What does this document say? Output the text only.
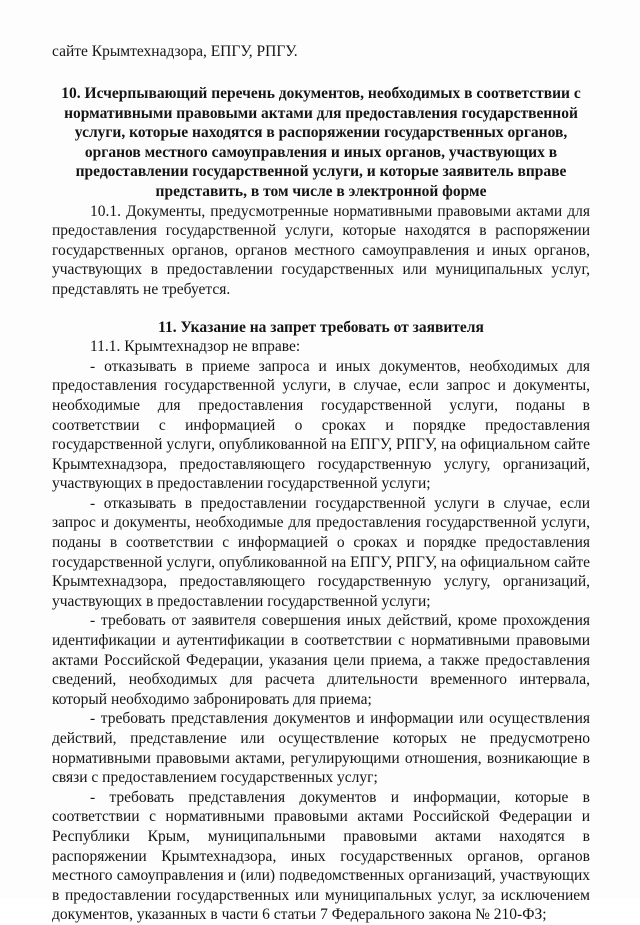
сайте Крымтехнадзора, ЕПГУ, РПГУ.
10. Исчерпывающий перечень документов, необходимых в соответствии с нормативными правовыми актами для предоставления государственной услуги, которые находятся в распоряжении государственных органов, органов местного самоуправления и иных органов, участвующих в предоставлении государственной услуги, и которые заявитель вправе представить, в том числе в электронной форме

10.1. Документы, предусмотренные нормативными правовыми актами для предоставления государственной услуги, которые находятся в распоряжении государственных органов, органов местного самоуправления и иных органов, участвующих в предоставлении государственных или муниципальных услуг, представлять не требуется.

11. Указание на запрет требовать от заявителя

11.1. Крымтехнадзор не вправе:

- отказывать в приеме запроса и иных документов, необходимых для предоставления государственной услуги, в случае, если запрос и документы, необходимые для предоставления государственной услуги, поданы в соответствии с информацией о сроках и порядке предоставления государственной услуги, опубликованной на ЕПГУ, РПГУ, на официальном сайте Крымтехнадзора, предоставляющего государственную услугу, организаций, участвующих в предоставлении государственной услуги;

- отказывать в предоставлении государственной услуги в случае, если запрос и документы, необходимые для предоставления государственной услуги, поданы в соответствии с информацией о сроках и порядке предоставления государственной услуги, опубликованной на ЕПГУ, РПГУ, на официальном сайте Крымтехнадзора, предоставляющего государственную услугу, организаций, участвующих в предоставлении государственной услуги;

- требовать от заявителя совершения иных действий, кроме прохождения идентификации и аутентификации в соответствии с нормативными правовыми актами Российской Федерации, указания цели приема, а также предоставления сведений, необходимых для расчета длительности временного интервала, который необходимо забронировать для приема;

- требовать представления документов и информации или осуществления действий, представление или осуществление которых не предусмотрено нормативными правовыми актами, регулирующими отношения, возникающие в связи с предоставлением государственных услуг;

- требовать представления документов и информации, которые в соответствии с нормативными правовыми актами Российской Федерации и Республики Крым, муниципальными правовыми актами находятся в распоряжении Крымтехнадзора, иных государственных органов, органов местного самоуправления и (или) подведомственных организаций, участвующих в предоставлении государственных или муниципальных услуг, за исключением документов, указанных в части 6 статьи 7 Федерального закона № 210-ФЗ;
